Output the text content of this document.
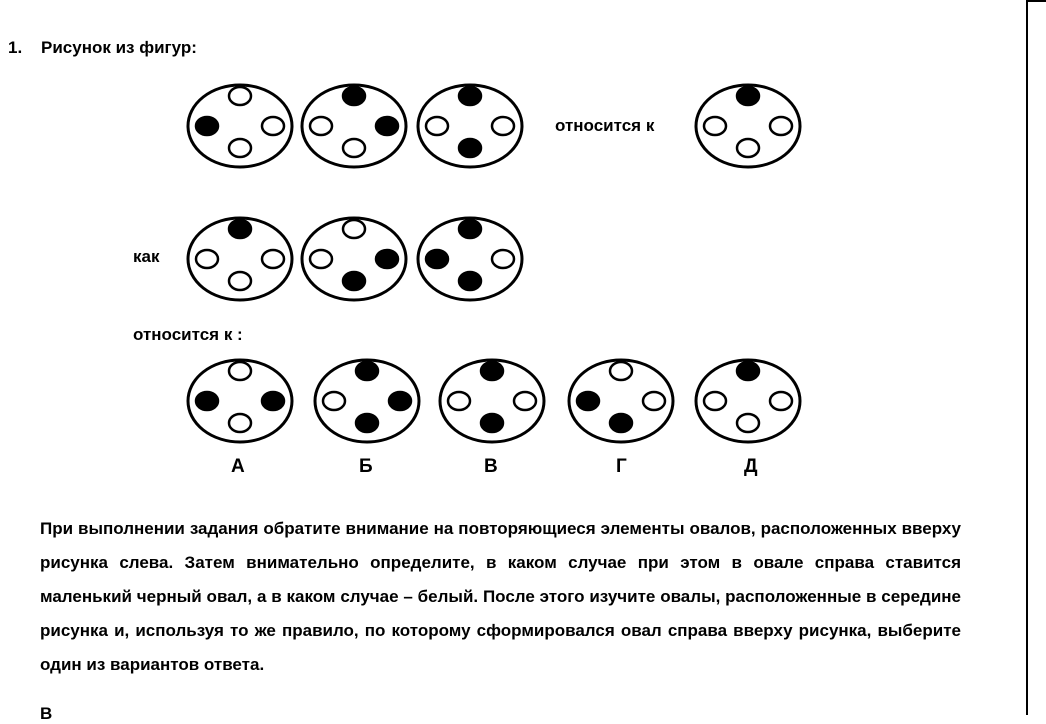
1. Рисунок из фигур:
относится к
как
относится к :
А	Б	В	Г	Д

При выполнении задания обратите внимание на повторяющиеся элементы овалов, расположенных вверху рисунка слева. Затем внимательно определите, в каком случае при этом в овале справа ставится маленький черный овал, а в каком случае – белый. После этого изучите овалы, расположенные в середине рисунка и, используя то же правило, по которому сформировался овал справа вверху рисунка, выберите один из вариантов ответа.

В
